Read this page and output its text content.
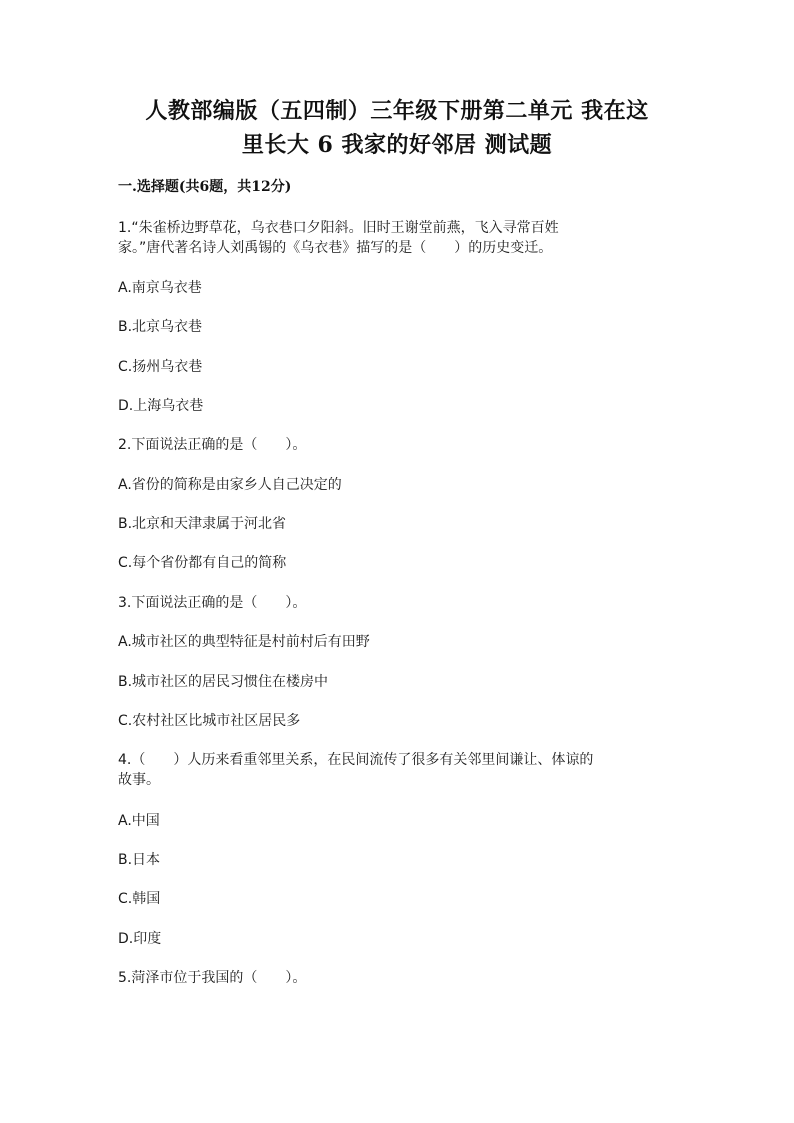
人教部编版（五四制）三年级下册第二单元 我在这
里长大 6 我家的好邻居 测试题
一.选择题(共6题，共12分)
1.“朱雀桥边野草花，乌衣巷口夕阳斜。旧时王谢堂前燕，飞入寻常百姓
家。”唐代著名诗人刘禹锡的《乌衣巷》描写的是（　　）的历史变迁。
A.南京乌衣巷
B.北京乌衣巷
C.扬州乌衣巷
D.上海乌衣巷
2.下面说法正确的是（　　）。
A.省份的简称是由家乡人自己决定的
B.北京和天津隶属于河北省
C.每个省份都有自己的简称
3.下面说法正确的是（　　）。
A.城市社区的典型特征是村前村后有田野
B.城市社区的居民习惯住在楼房中
C.农村社区比城市社区居民多
4.（　　）人历来看重邻里关系，在民间流传了很多有关邻里间谦让、体谅的
故事。
A.中国
B.日本
C.韩国
D.印度
5.菏泽市位于我国的（　　）。
